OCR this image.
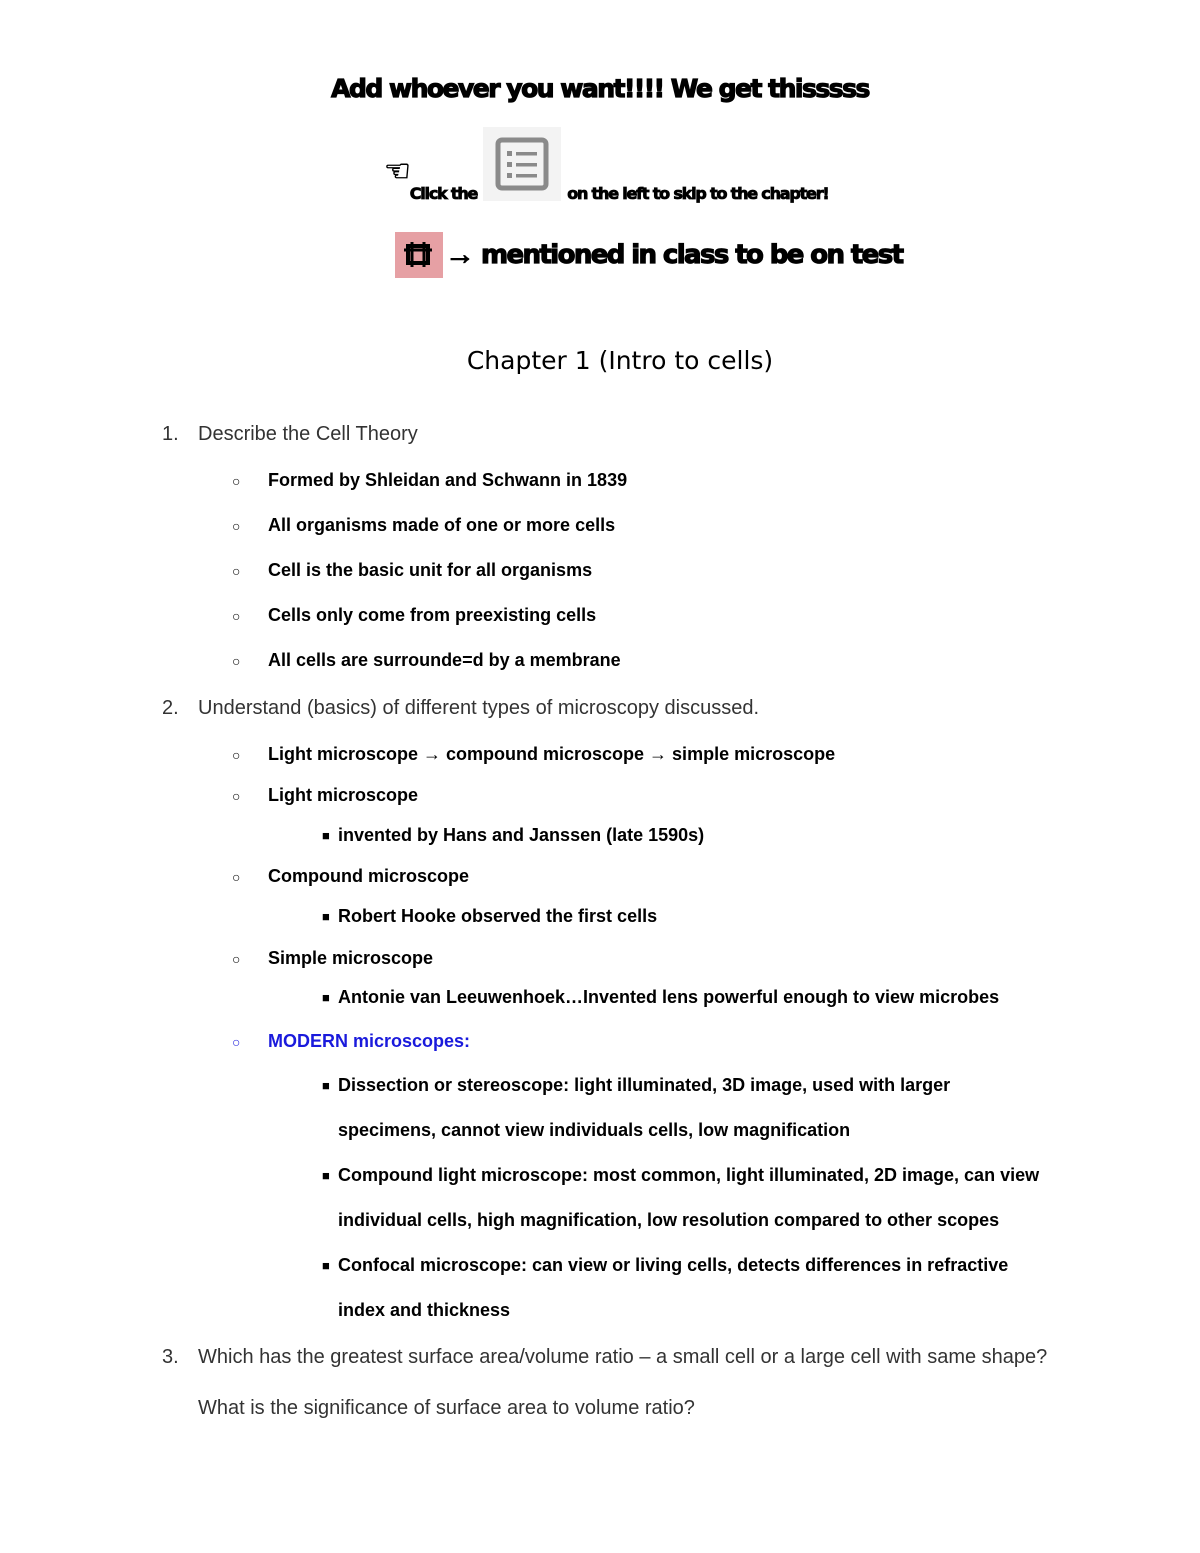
Add whoever you want!!!! We get thisssss
☜
Click the	on the left to skip to the chapter!
→ mentioned in class to be on test
Chapter 1 (Intro to cells)
1. Describe the Cell Theory
○ Formed by Shleidan and Schwann in 1839
○ All organisms made of one or more cells
○ Cell is the basic unit for all organisms
○ Cells only come from preexisting cells
○ All cells are surrounde=d by a membrane
2. Understand (basics) of different types of microscopy discussed.
○ Light microscope → compound microscope → simple microscope
○ Light microscope
■ invented by Hans and Janssen (late 1590s)
○ Compound microscope
■ Robert Hooke observed the first cells
○ Simple microscope
■ Antonie van Leeuwenhoek…Invented lens powerful enough to view microbes
○ MODERN microscopes:
■ Dissection or stereoscope: light illuminated, 3D image, used with larger
specimens, cannot view individuals cells, low magnification
■ Compound light microscope: most common, light illuminated, 2D image, can view
individual cells, high magnification, low resolution compared to other scopes
■ Confocal microscope: can view or living cells, detects differences in refractive
index and thickness
3. Which has the greatest surface area/volume ratio – a small cell or a large cell with same shape?
What is the significance of surface area to volume ratio?
